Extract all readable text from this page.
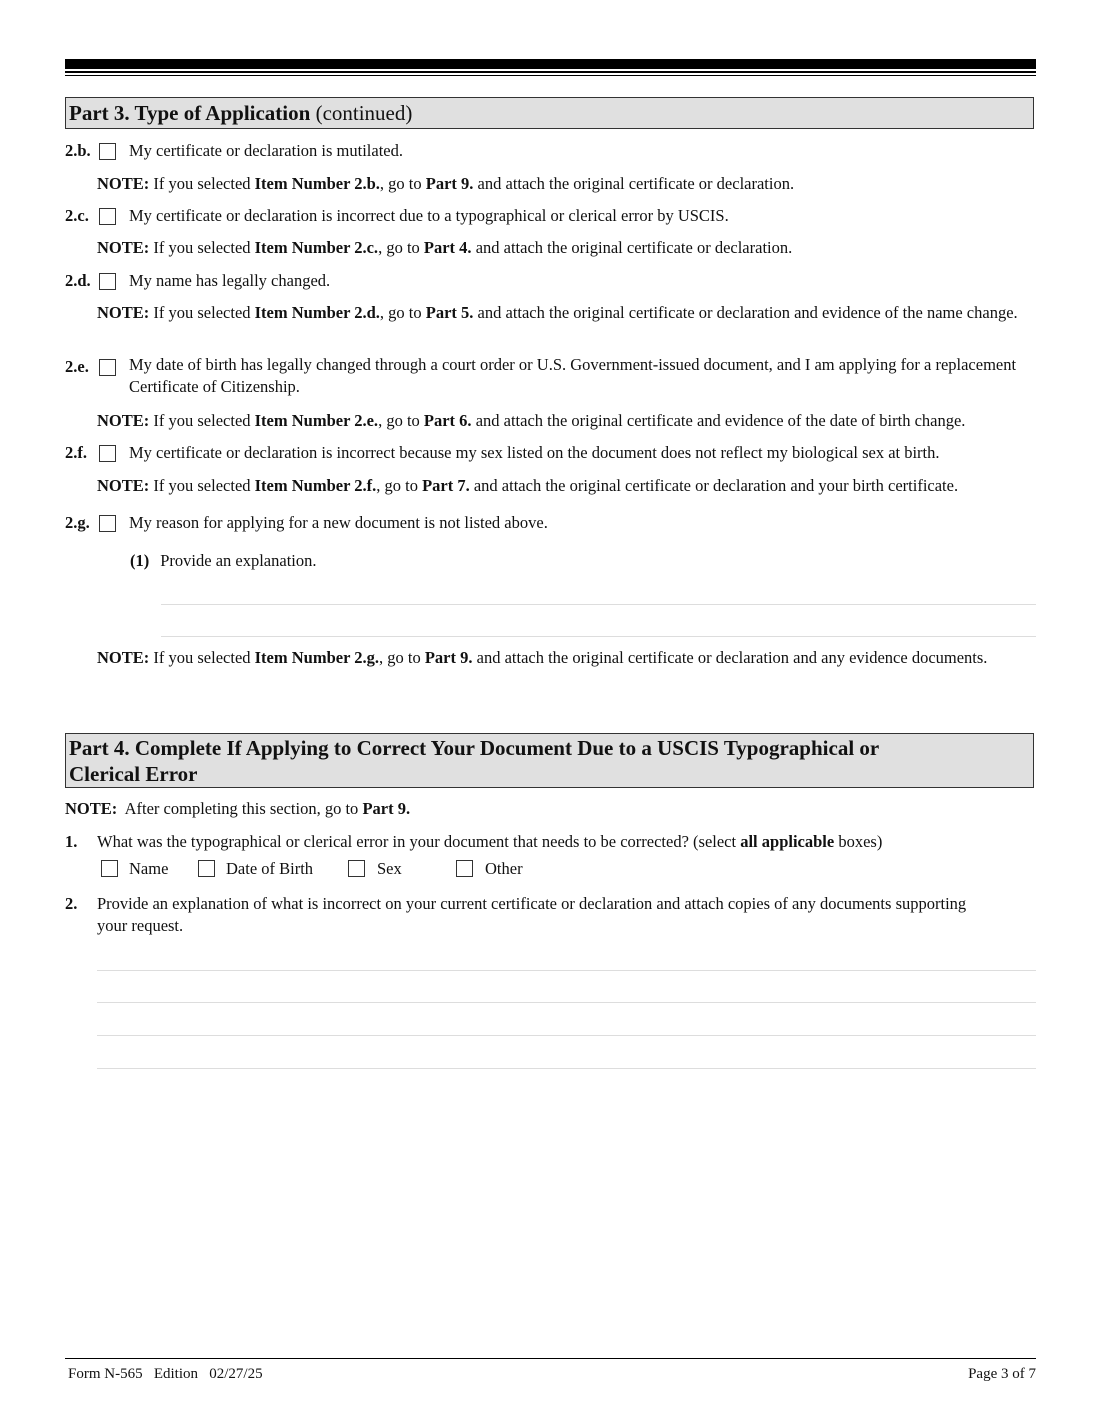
Part 3. Type of Application (continued)
2.b. My certificate or declaration is mutilated.
NOTE: If you selected Item Number 2.b., go to Part 9. and attach the original certificate or declaration.
2.c. My certificate or declaration is incorrect due to a typographical or clerical error by USCIS.
NOTE: If you selected Item Number 2.c., go to Part 4. and attach the original certificate or declaration.
2.d. My name has legally changed.
NOTE: If you selected Item Number 2.d., go to Part 5. and attach the original certificate or declaration and evidence of the name change.
2.e. My date of birth has legally changed through a court order or U.S. Government-issued document, and I am applying for a replacement Certificate of Citizenship.
NOTE: If you selected Item Number 2.e., go to Part 6. and attach the original certificate and evidence of the date of birth change.
2.f.	My certificate or declaration is incorrect because my sex listed on the document does not reflect my biological sex at birth.
NOTE: If you selected Item Number 2.f., go to Part 7. and attach the original certificate or declaration and your birth certificate.
2.g. My reason for applying for a new document is not listed above.
(1) Provide an explanation.
NOTE: If you selected Item Number 2.g., go to Part 9. and attach the original certificate or declaration and any evidence documents.
Part 4. Complete If Applying to Correct Your Document Due to a USCIS Typographical or Clerical Error
NOTE:  After completing this section, go to Part 9.
1. What was the typographical or clerical error in your document that needs to be corrected? (select all applicable boxes)
Name	Date of Birth	Sex	Other
2. Provide an explanation of what is incorrect on your current certificate or declaration and attach copies of any documents supporting your request.
Form N-565   Edition   02/27/25	Page 3 of 7
